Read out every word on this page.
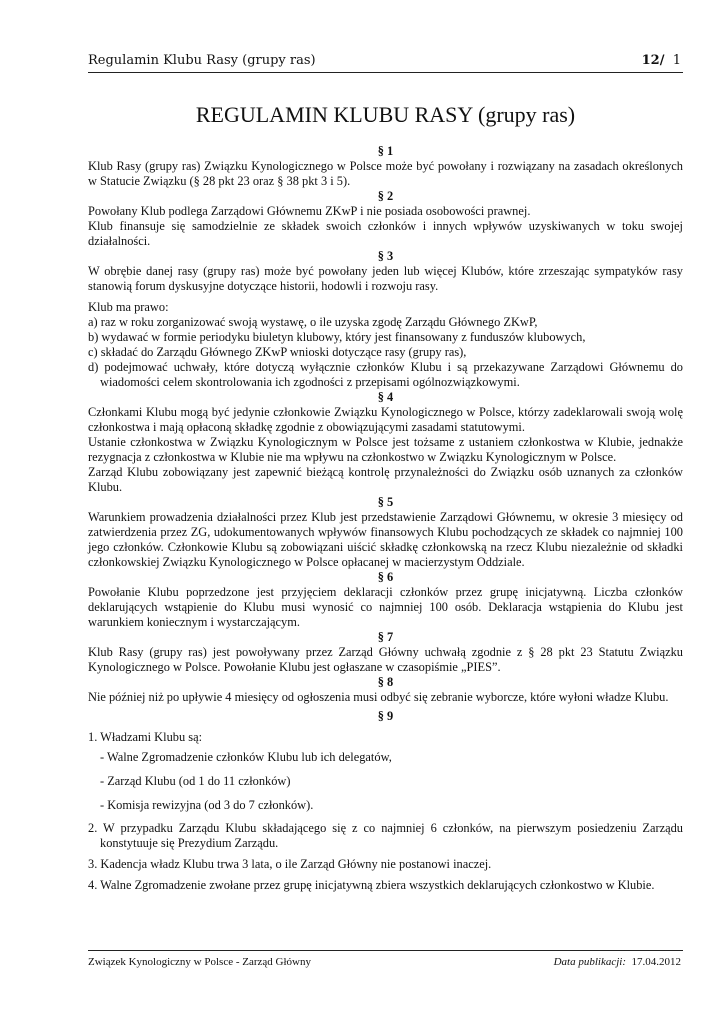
Regulamin Klubu Rasy (grupy ras)	12/ 1
REGULAMIN KLUBU RASY (grupy ras)

§ 1

Klub Rasy (grupy ras) Związku Kynologicznego w Polsce może być powołany i rozwiązany na zasadach określonych w Statucie Związku (§ 28 pkt 23 oraz § 38 pkt 3 i 5).

§ 2

Powołany Klub podlega Zarządowi Głównemu ZKwP i nie posiada osobowości prawnej.

Klub finansuje się samodzielnie ze składek swoich członków i innych wpływów uzyskiwanych w toku swojej działalności.

§ 3

W obrębie danej rasy (grupy ras) może być powołany jeden lub więcej Klubów, które zrzeszając sympatyków rasy stanowią forum dyskusyjne dotyczące historii, hodowli i rozwoju rasy.

Klub ma prawo:

a) raz w roku zorganizować swoją wystawę, o ile uzyska zgodę Zarządu Głównego ZKwP,

b) wydawać w formie periodyku biuletyn klubowy, który jest finansowany z funduszów klubowych,

c) składać do Zarządu Głównego ZKwP wnioski dotyczące rasy (grupy ras),

d) podejmować uchwały, które dotyczą wyłącznie członków Klubu i są przekazywane Zarządowi Głównemu do wiadomości celem skontrolowania ich zgodności z przepisami ogólnozwiązkowymi.

§ 4

Członkami Klubu mogą być jedynie członkowie Związku Kynologicznego w Polsce, którzy zadeklarowali swoją wolę członkostwa i mają opłaconą składkę zgodnie z obowiązującymi zasadami statutowymi.

Ustanie członkostwa w Związku Kynologicznym w Polsce jest tożsame z ustaniem członkostwa w Klubie, jednakże rezygnacja z członkostwa w Klubie nie ma wpływu na członkostwo w Związku Kynologicznym w Polsce.

Zarząd Klubu zobowiązany jest zapewnić bieżącą kontrolę przynależności do Związku osób uznanych za członków Klubu.

§ 5

Warunkiem prowadzenia działalności przez Klub jest przedstawienie Zarządowi Głównemu, w okresie 3 miesięcy od zatwierdzenia przez ZG, udokumentowanych wpływów finansowych Klubu pochodzących ze składek co najmniej 100 jego członków. Członkowie Klubu są zobowiązani uiścić składkę członkowską na rzecz Klubu niezależnie od składki członkowskiej Związku Kynologicznego w Polsce opłacanej w macierzystym Oddziale.

§ 6

Powołanie Klubu poprzedzone jest przyjęciem deklaracji członków przez grupę inicjatywną. Liczba członków deklarujących wstąpienie do Klubu musi wynosić co najmniej 100 osób. Deklaracja wstąpienia do Klubu jest warunkiem koniecznym i wystarczającym.

§ 7

Klub Rasy (grupy ras) jest powoływany przez Zarząd Główny uchwałą zgodnie z § 28 pkt 23 Statutu Związku Kynologicznego w Polsce. Powołanie Klubu jest ogłaszane w czasopiśmie „PIES”.

§ 8

Nie później niż po upływie 4 miesięcy od ogłoszenia musi odbyć się zebranie wyborcze, które wyłoni władze Klubu.

§ 9

1. Władzami Klubu są:

- Walne Zgromadzenie członków Klubu lub ich delegatów,

- Zarząd Klubu (od 1 do 11 członków)

- Komisja rewizyjna (od 3 do 7 członków).

2. W przypadku Zarządu Klubu składającego się z co najmniej 6 członków, na pierwszym posiedzeniu Zarządu konstytuuje się Prezydium Zarządu.

3. Kadencja władz Klubu trwa 3 lata, o ile Zarząd Główny nie postanowi inaczej.

4. Walne Zgromadzenie zwołane przez grupę inicjatywną zbiera wszystkich deklarujących członkostwo w Klubie.

Związek Kynologiczny w Polsce - Zarząd Główny	Data publikacji: 17.04.2012
